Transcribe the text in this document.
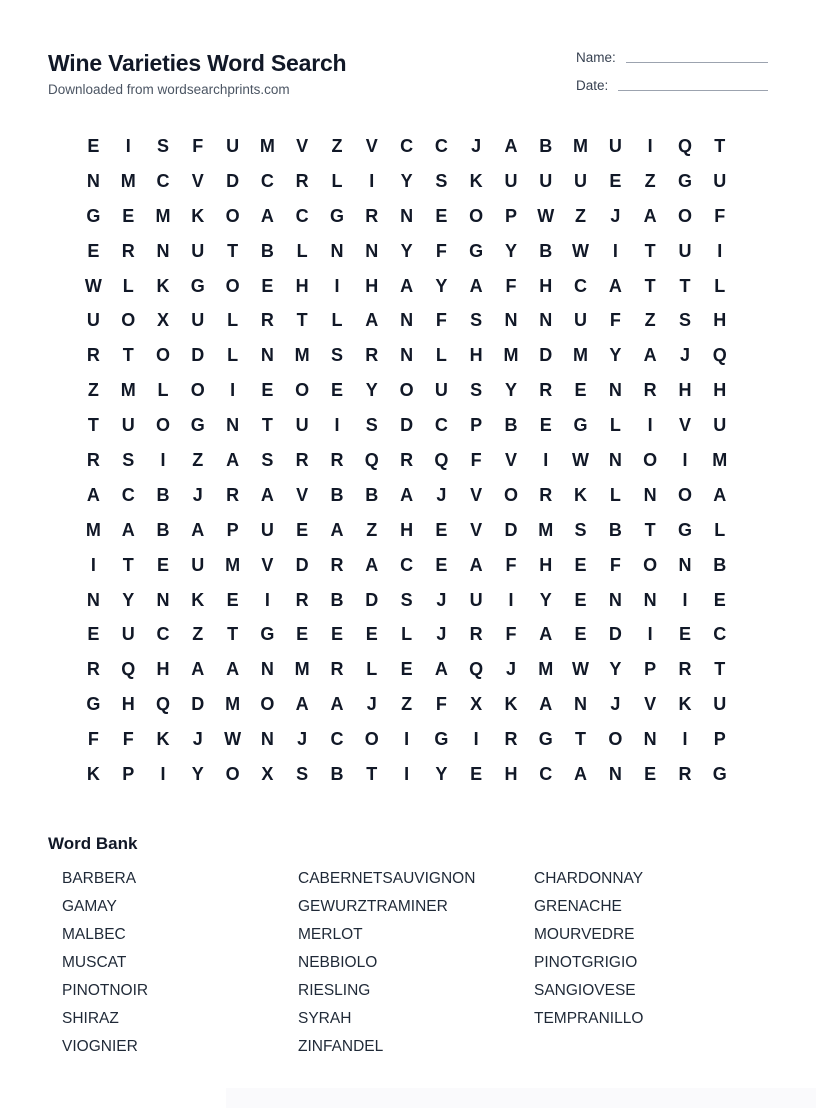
Wine Varieties Word Search
Downloaded from wordsearchprints.com
Name:
Date:
E	I	S	F	U	M	V	Z	V	C	C	J	A	B	M	U	I	Q	T
N	M	C	V	D	C	R	L	I	Y	S	K	U	U	U	E	Z	G	U
G	E	M	K	O	A	C	G	R	N	E	O	P	W	Z	J	A	O	F
E	R	N	U	T	B	L	N	N	Y	F	G	Y	B	W	I	T	U	I
W	L	K	G	O	E	H	I	H	A	Y	A	F	H	C	A	T	T	L
U	O	X	U	L	R	T	L	A	N	F	S	N	N	U	F	Z	S	H
R	T	O	D	L	N	M	S	R	N	L	H	M	D	M	Y	A	J	Q
Z	M	L	O	I	E	O	E	Y	O	U	S	Y	R	E	N	R	H	H
T	U	O	G	N	T	U	I	S	D	C	P	B	E	G	L	I	V	U
R	S	I	Z	A	S	R	R	Q	R	Q	F	V	I	W	N	O	I	M
A	C	B	J	R	A	V	B	B	A	J	V	O	R	K	L	N	O	A
M	A	B	A	P	U	E	A	Z	H	E	V	D	M	S	B	T	G	L
I	T	E	U	M	V	D	R	A	C	E	A	F	H	E	F	O	N	B
N	Y	N	K	E	I	R	B	D	S	J	U	I	Y	E	N	N	I	E
E	U	C	Z	T	G	E	E	E	L	J	R	F	A	E	D	I	E	C
R	Q	H	A	A	N	M	R	L	E	A	Q	J	M	W	Y	P	R	T
G	H	Q	D	M	O	A	A	J	Z	F	X	K	A	N	J	V	K	U
F	F	K	J	W	N	J	C	O	I	G	I	R	G	T	O	N	I	P
K	P	I	Y	O	X	S	B	T	I	Y	E	H	C	A	N	E	R	G
Word Bank
BARBERA	CABERNETSAUVIGNON	CHARDONNAY
GAMAY	GEWURZTRAMINER	GRENACHE
MALBEC	MERLOT	MOURVEDRE
MUSCAT	NEBBIOLO	PINOTGRIGIO
PINOTNOIR	RIESLING	SANGIOVESE
SHIRAZ	SYRAH	TEMPRANILLO
VIOGNIER	ZINFANDEL
